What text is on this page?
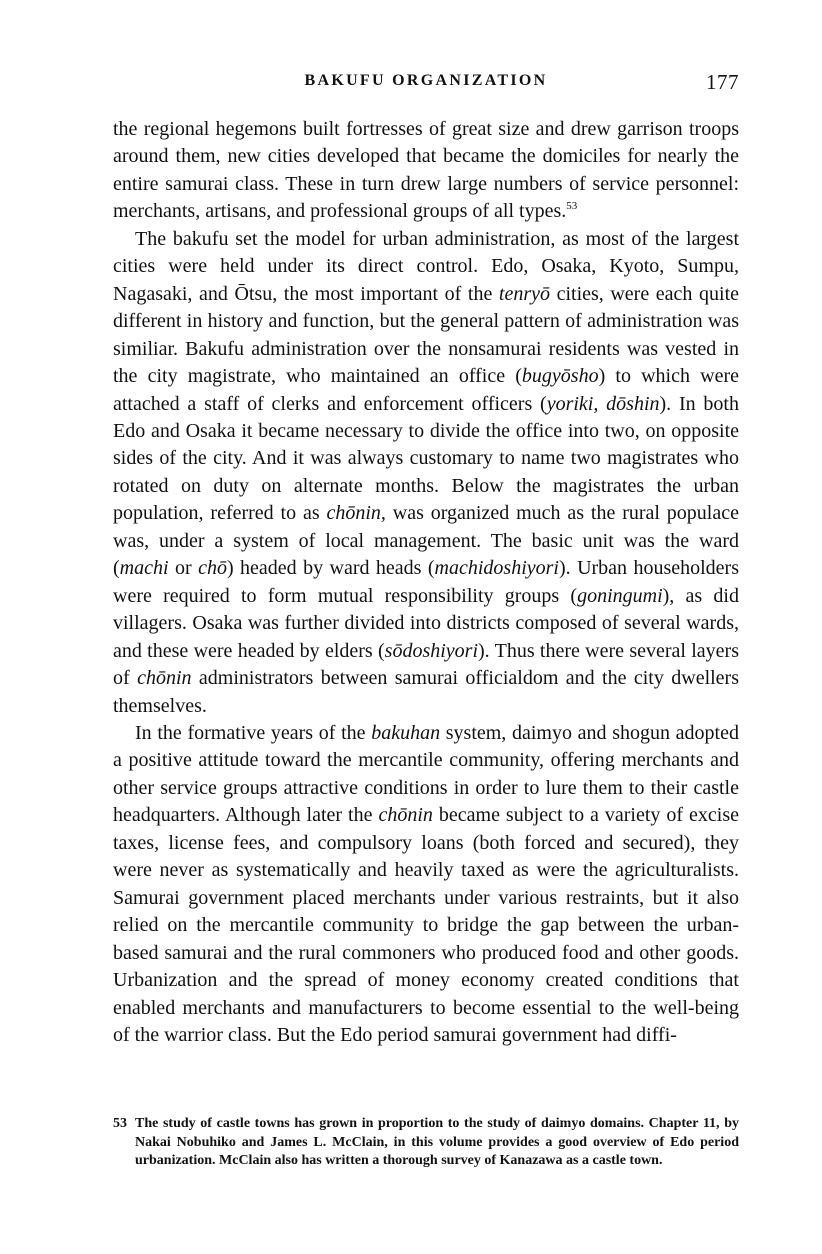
BAKUFU ORGANIZATION	177

the regional hegemons built fortresses of great size and drew garrison troops around them, new cities developed that became the domiciles for nearly the entire samurai class. These in turn drew large numbers of service personnel: merchants, artisans, and professional groups of all types.$^{53}$

The bakufu set the model for urban administration, as most of the largest cities were held under its direct control. Edo, Osaka, Kyoto, Sumpu, Nagasaki, and Ōtsu, the most important of the tenryō cities, were each quite different in history and function, but the general pattern of administration was similiar. Bakufu administration over the nonsamurai residents was vested in the city magistrate, who maintained an office (bugyōsho) to which were attached a staff of clerks and enforcement officers (yoriki, dōshin). In both Edo and Osaka it became necessary to divide the office into two, on opposite sides of the city. And it was always customary to name two magistrates who rotated on duty on alternate months. Below the magistrates the urban population, referred to as chōnin, was organized much as the rural populace was, under a system of local management. The basic unit was the ward (machi or chō) headed by ward heads (machidoshiyori). Urban householders were required to form mutual responsibility groups (goningumi), as did villagers. Osaka was further divided into districts composed of several wards, and these were headed by elders (sōdoshiyori). Thus there were several layers of chōnin administrators between samurai officialdom and the city dwellers themselves.

In the formative years of the bakuhan system, daimyo and shogun adopted a positive attitude toward the mercantile community, offering merchants and other service groups attractive conditions in order to lure them to their castle headquarters. Although later the chōnin became subject to a variety of excise taxes, license fees, and compulsory loans (both forced and secured), they were never as systematically and heavily taxed as were the agriculturalists. Samurai government placed merchants under various restraints, but it also relied on the mercantile community to bridge the gap between the urban-based samurai and the rural commoners who produced food and other goods. Urbanization and the spread of money economy created conditions that enabled merchants and manufacturers to become essential to the well-being of the warrior class. But the Edo period samurai government had diffi-

53 The study of castle towns has grown in proportion to the study of daimyo domains. Chapter 11, by Nakai Nobuhiko and James L. McClain, in this volume provides a good overview of Edo period urbanization. McClain also has written a thorough survey of Kanazawa as a castle town.
